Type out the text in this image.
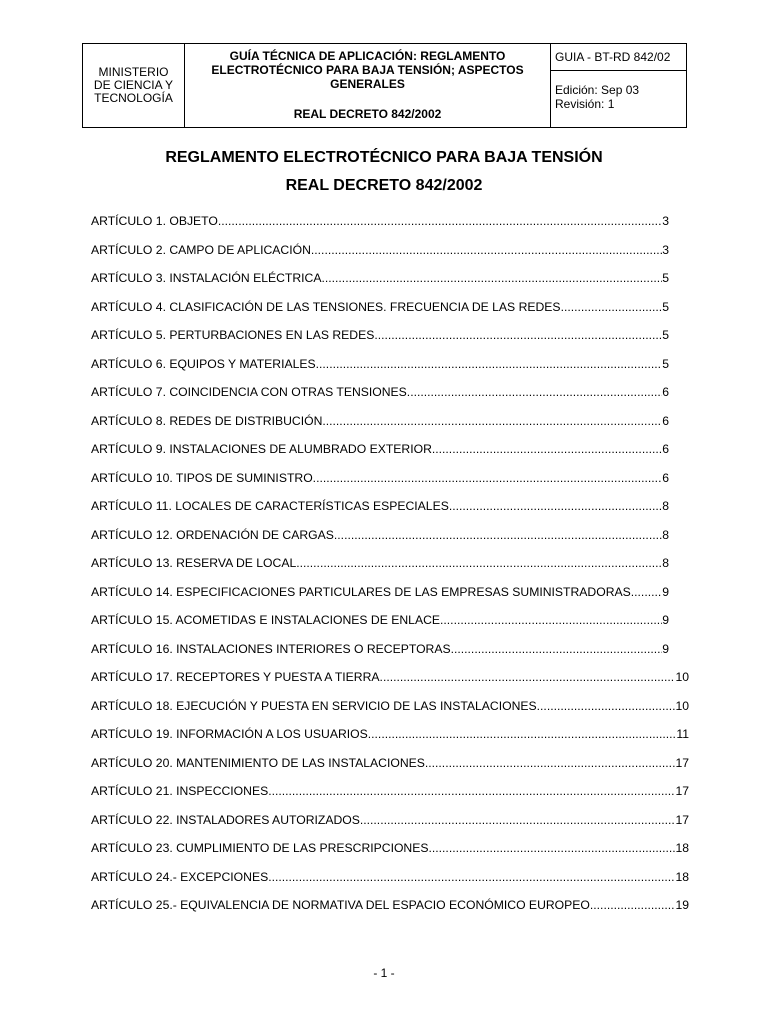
MINISTERIO
DE CIENCIA Y
TECNOLOGÍA
GUÍA TÉCNICA DE APLICACIÓN: REGLAMENTO
ELECTROTÉCNICO PARA BAJA TENSIÓN; ASPECTOS
GENERALES
REAL DECRETO 842/2002
GUIA - BT-RD 842/02
Edición: Sep 03
Revisión: 1
REGLAMENTO ELECTROTÉCNICO PARA BAJA TENSIÓN
REAL DECRETO 842/2002
ARTÍCULO 1. OBJETO. .....	3
ARTÍCULO 2. CAMPO DE APLICACIÓN. .....	3
ARTÍCULO 3. INSTALACIÓN ELÉCTRICA. .....	5
ARTÍCULO 4. CLASIFICACIÓN DE LAS TENSIONES. FRECUENCIA DE LAS REDES. .....	5
ARTÍCULO 5. PERTURBACIONES EN LAS REDES. .....	5
ARTÍCULO 6. EQUIPOS Y MATERIALES. .....	5
ARTÍCULO 7. COINCIDENCIA CON OTRAS TENSIONES. .....	6
ARTÍCULO 8. REDES DE DISTRIBUCIÓN. .....	6
ARTÍCULO 9. INSTALACIONES DE ALUMBRADO EXTERIOR. .....	6
ARTÍCULO 10. TIPOS DE SUMINISTRO. .....	6
ARTÍCULO 11. LOCALES DE CARACTERÍSTICAS ESPECIALES. .....	8
ARTÍCULO 12. ORDENACIÓN DE CARGAS. .....	8
ARTÍCULO 13. RESERVA DE LOCAL. .....	8
ARTÍCULO 14. ESPECIFICACIONES PARTICULARES DE LAS EMPRESAS SUMINISTRADORAS. ..... 9
ARTÍCULO 15. ACOMETIDAS E INSTALACIONES DE ENLACE. .....	9
ARTÍCULO 16. INSTALACIONES INTERIORES O RECEPTORAS. .....	9
ARTÍCULO 17. RECEPTORES Y PUESTA A TIERRA. .....	10
ARTÍCULO 18. EJECUCIÓN Y PUESTA EN SERVICIO DE LAS INSTALACIONES. .....	10
ARTÍCULO 19. INFORMACIÓN A LOS USUARIOS. .....	11
ARTÍCULO 20. MANTENIMIENTO DE LAS INSTALACIONES. .....	17
ARTÍCULO 21. INSPECCIONES. .....	17
ARTÍCULO 22. INSTALADORES AUTORIZADOS. .....	17
ARTÍCULO 23. CUMPLIMIENTO DE LAS PRESCRIPCIONES. .....	18
ARTÍCULO 24.- EXCEPCIONES. .....	18
ARTÍCULO 25.- EQUIVALENCIA DE NORMATIVA DEL ESPACIO ECONÓMICO EUROPEO. .....	19
- 1 -
